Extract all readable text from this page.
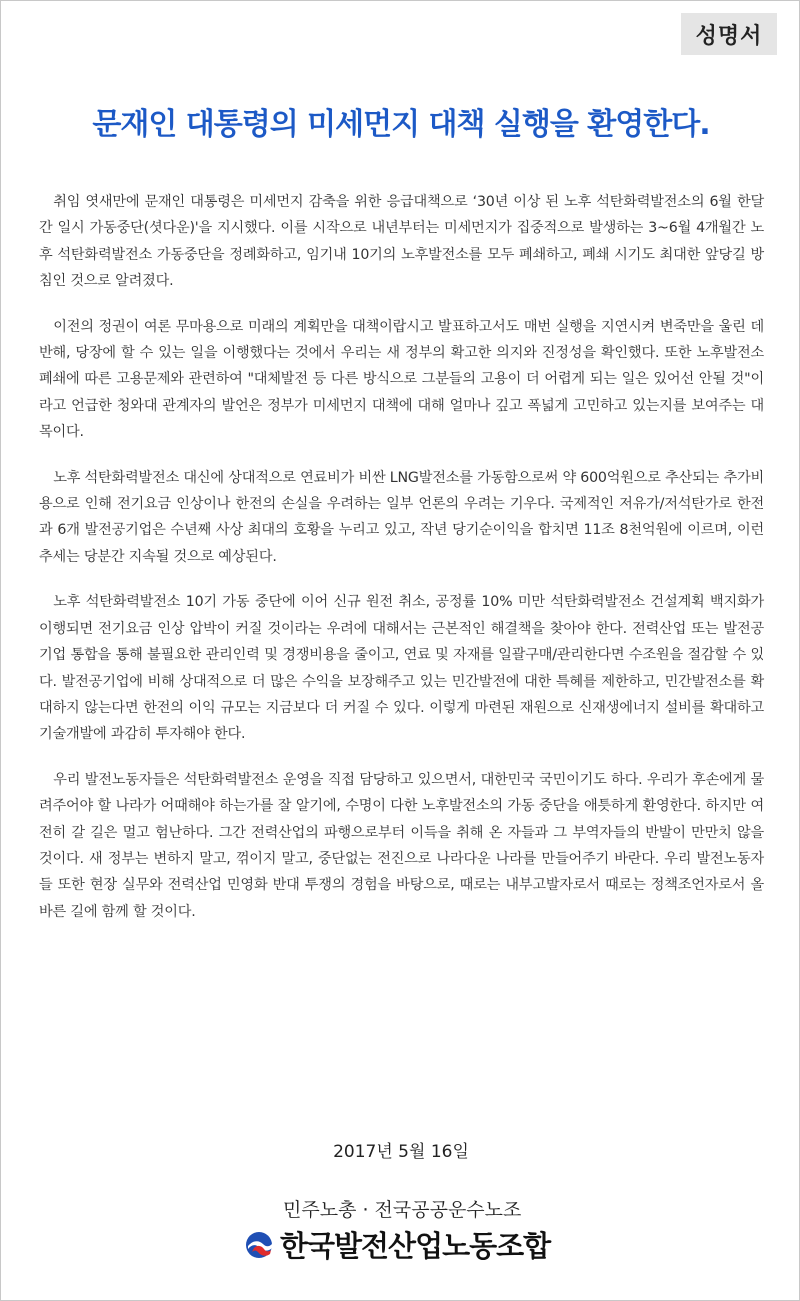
성명서
문재인 대통령의 미세먼지 대책 실행을 환영한다.

취임 엿새만에 문재인 대통령은 미세먼지 감축을 위한 응급대책으로 ‘30년 이상 된 노후 석탄화력발전소의 6월 한달간 일시 가동중단(셧다운)'을 지시했다. 이를 시작으로 내년부터는 미세먼지가 집중적으로 발생하는 3~6월 4개월간 노후 석탄화력발전소 가동중단을 정례화하고, 임기내 10기의 노후발전소를 모두 폐쇄하고, 폐쇄 시기도 최대한 앞당길 방침인 것으로 알려졌다.

이전의 정권이 여론 무마용으로 미래의 계획만을 대책이랍시고 발표하고서도 매번 실행을 지연시켜 변죽만을 울린 데 반해, 당장에 할 수 있는 일을 이행했다는 것에서 우리는 새 정부의 확고한 의지와 진정성을 확인했다. 또한 노후발전소 폐쇄에 따른 고용문제와 관련하여 "대체발전 등 다른 방식으로 그분들의 고용이 더 어렵게 되는 일은 있어선 안될 것"이라고 언급한 청와대 관계자의 발언은 정부가 미세먼지 대책에 대해 얼마나 깊고 폭넓게 고민하고 있는지를 보여주는 대목이다.

노후 석탄화력발전소 대신에 상대적으로 연료비가 비싼 LNG발전소를 가동함으로써 약 600억원으로 추산되는 추가비용으로 인해 전기요금 인상이나 한전의 손실을 우려하는 일부 언론의 우려는 기우다. 국제적인 저유가/저석탄가로 한전과 6개 발전공기업은 수년째 사상 최대의 호황을 누리고 있고, 작년 당기순이익을 합치면 11조 8천억원에 이르며, 이런 추세는 당분간 지속될 것으로 예상된다.

노후 석탄화력발전소 10기 가동 중단에 이어 신규 원전 취소, 공정률 10% 미만 석탄화력발전소 건설계획 백지화가 이행되면 전기요금 인상 압박이 커질 것이라는 우려에 대해서는 근본적인 해결책을 찾아야 한다. 전력산업 또는 발전공기업 통합을 통해 불필요한 관리인력 및 경쟁비용을 줄이고, 연료 및 자재를 일괄구매/관리한다면 수조원을 절감할 수 있다. 발전공기업에 비해 상대적으로 더 많은 수익을 보장해주고 있는 민간발전에 대한 특혜를 제한하고, 민간발전소를 확대하지 않는다면 한전의 이익 규모는 지금보다 더 커질 수 있다. 이렇게 마련된 재원으로 신재생에너지 설비를 확대하고 기술개발에 과감히 투자해야 한다.

우리 발전노동자들은 석탄화력발전소 운영을 직접 담당하고 있으면서, 대한민국 국민이기도 하다. 우리가 후손에게 물려주어야 할 나라가 어때해야 하는가를 잘 알기에, 수명이 다한 노후발전소의 가동 중단을 애틋하게 환영한다. 하지만 여전히 갈 길은 멀고 험난하다. 그간 전력산업의 파행으로부터 이득을 취해 온 자들과 그 부역자들의 반발이 만만치 않을 것이다. 새 정부는 변하지 말고, 꺾이지 말고, 중단없는 전진으로 나라다운 나라를 만들어주기 바란다. 우리 발전노동자들 또한 현장 실무와 전력산업 민영화 반대 투쟁의 경험을 바탕으로, 때로는 내부고발자로서 때로는 정책조언자로서 올바른 길에 함께 할 것이다.

2017년 5월 16일
민주노총 · 전국공공운수노조
한국발전산업노동조합
